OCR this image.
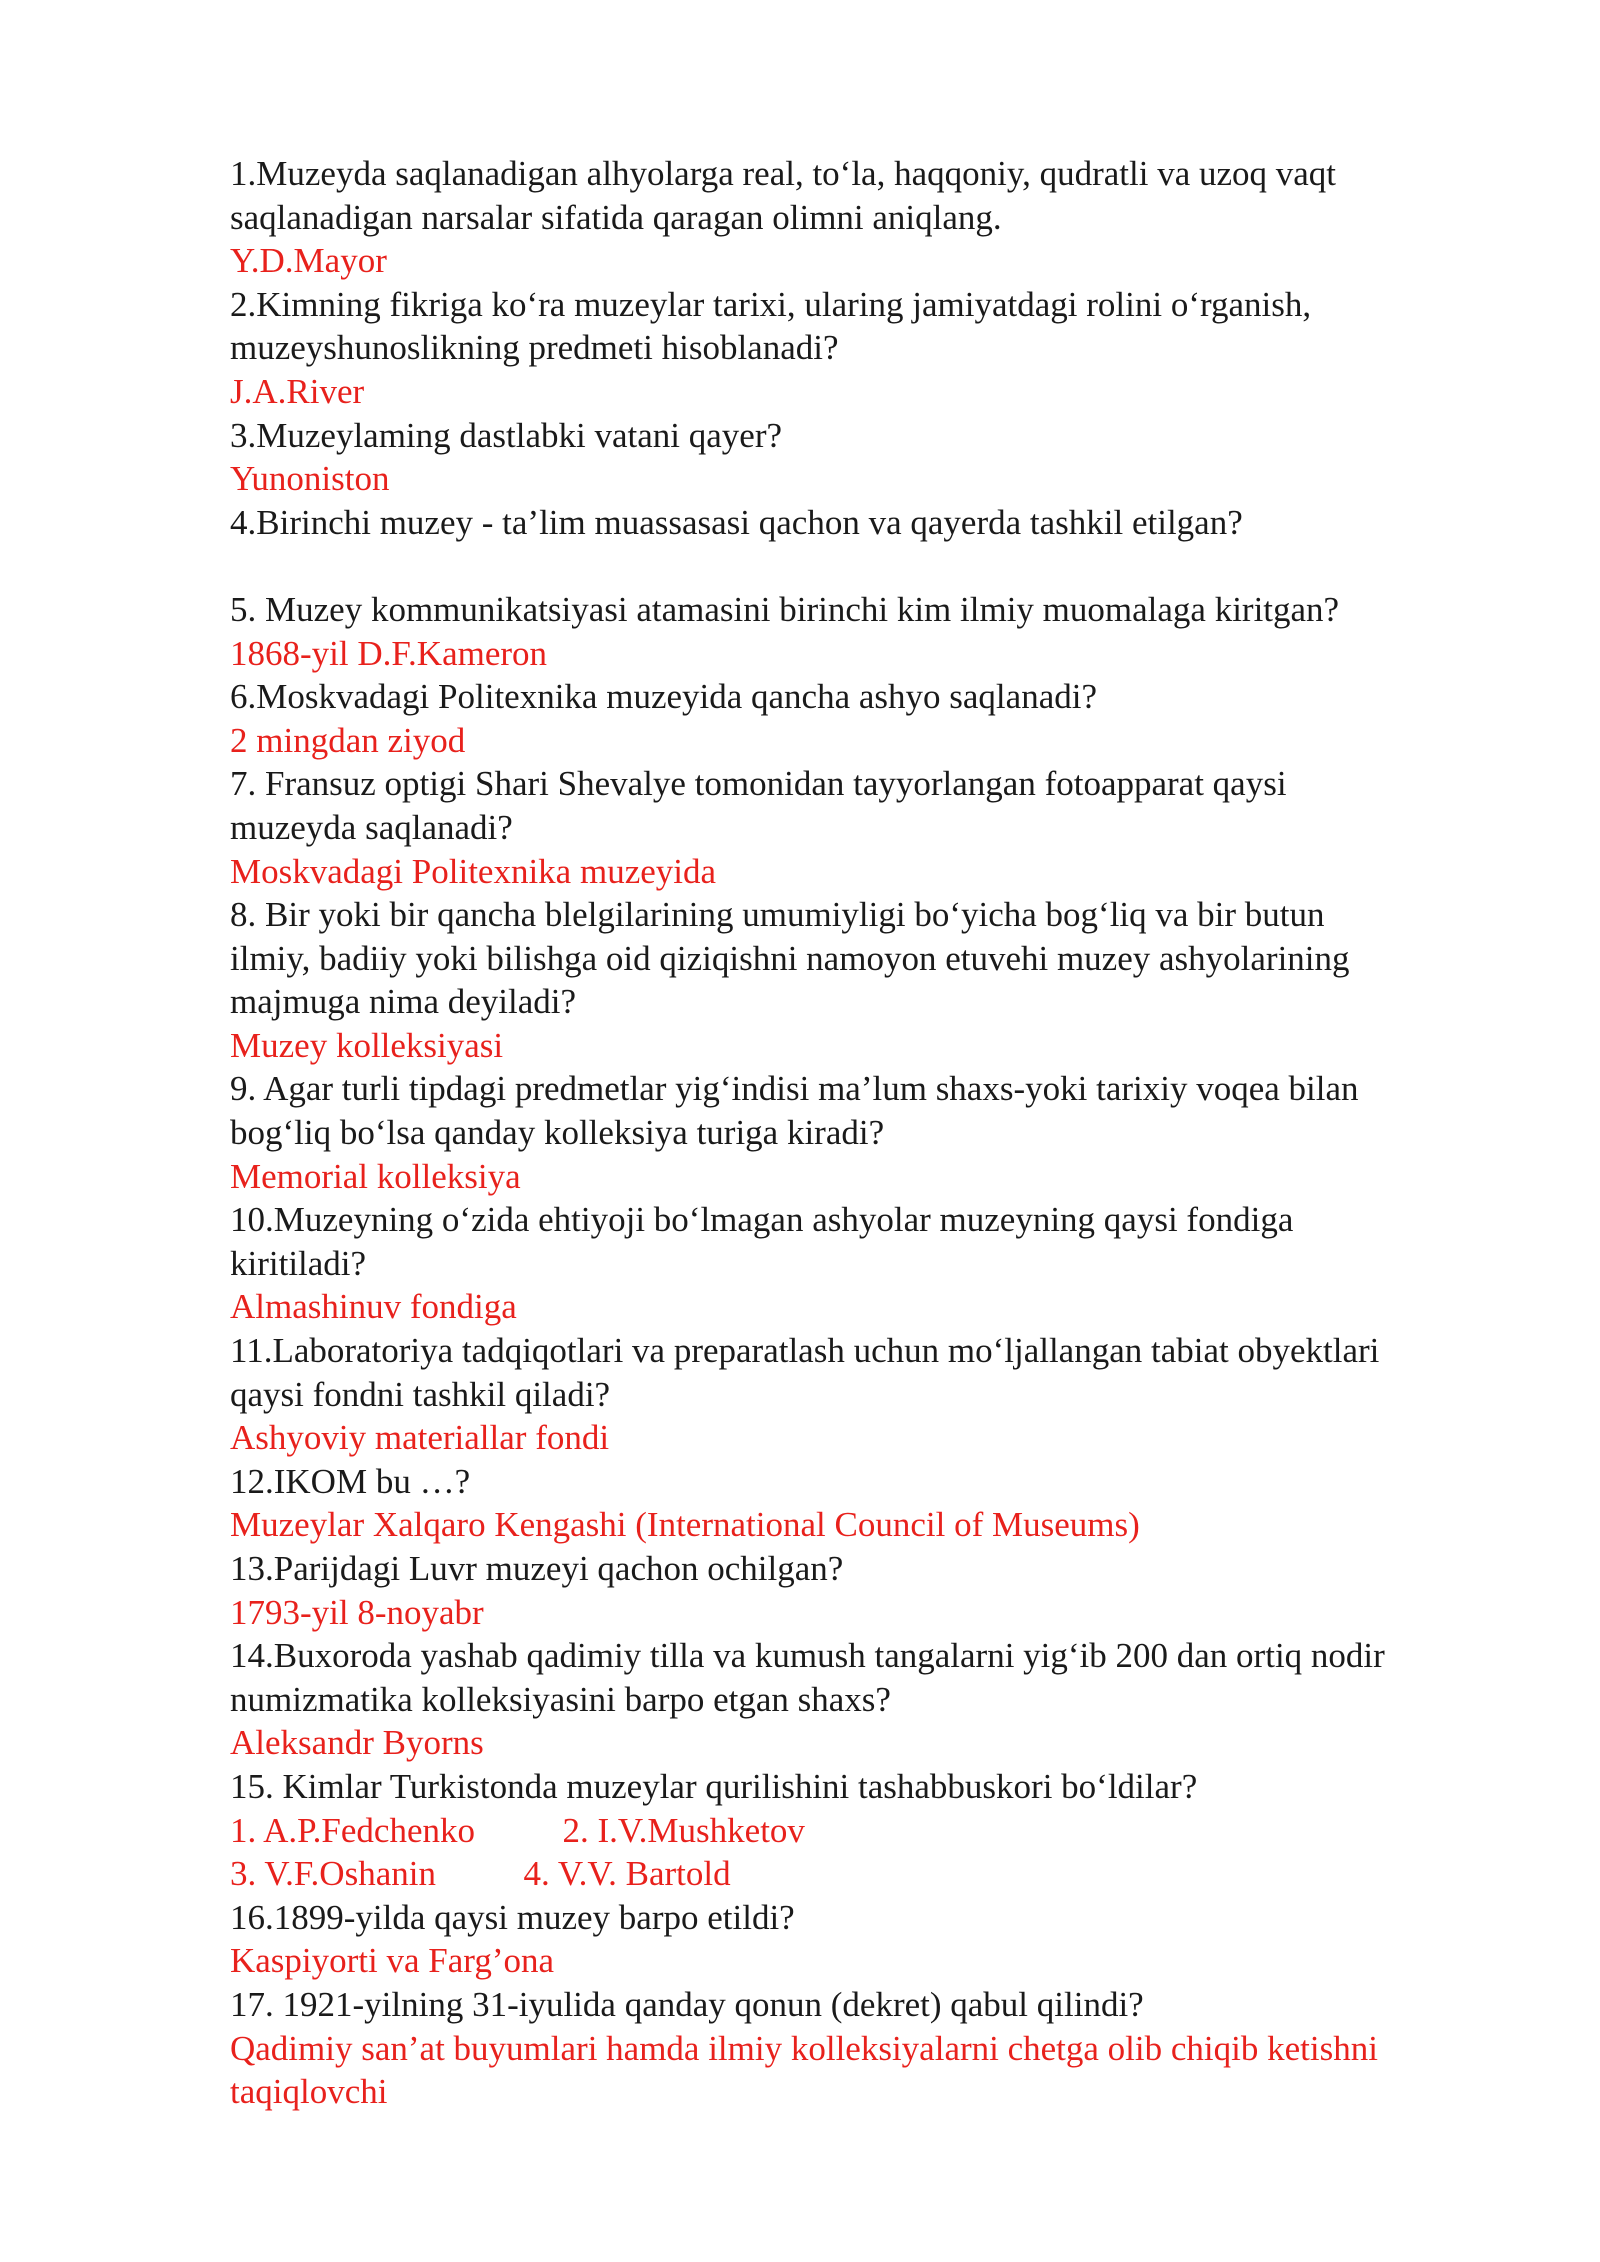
1.Muzeyda saqlanadigan alhyolarga real, to‘la, haqqoniy, qudratli va uzoq vaqt
saqlanadigan narsalar sifatida qaragan olimni aniqlang.
Y.D.Mayor
2.Kimning fikriga ko‘ra muzeylar tarixi, ularing jamiyatdagi rolini o‘rganish,
muzeyshunoslikning predmeti hisoblanadi?
J.A.River
3.Muzeylaming dastlabki vatani qayer?
Yunoniston
4.Birinchi muzey - ta’lim muassasasi qachon va qayerda tashkil etilgan?
5. Muzey kommunikatsiyasi atamasini birinchi kim ilmiy muomalaga kiritgan?
1868-yil D.F.Kameron
6.Moskvadagi Politexnika muzeyida qancha ashyo saqlanadi?
2 mingdan ziyod
7. Fransuz optigi Shari Shevalye tomonidan tayyorlangan fotoapparat qaysi
muzeyda saqlanadi?
Moskvadagi Politexnika muzeyida
8. Bir yoki bir qancha blelgilarining umumiyligi bo‘yicha bog‘liq va bir butun
ilmiy, badiiy yoki bilishga oid qiziqishni namoyon etuvehi muzey ashyolarining
majmuga nima deyiladi?
Muzey kolleksiyasi
9. Agar turli tipdagi predmetlar yig‘indisi ma’lum shaxs-yoki tarixiy voqea bilan
bog‘liq bo‘lsa qanday kolleksiya turiga kiradi?
Memorial kolleksiya
10.Muzeyning o‘zida ehtiyoji bo‘lmagan ashyolar muzeyning qaysi fondiga
kiritiladi?
Almashinuv fondiga
11.Laboratoriya tadqiqotlari va preparatlash uchun mo‘ljallangan tabiat obyektlari
qaysi fondni tashkil qiladi?
Ashyoviy materiallar fondi
12.IKOM bu …?
Muzeylar Xalqaro Kengashi (International Council of Museums)
13.Parijdagi Luvr muzeyi qachon ochilgan?
1793-yil 8-noyabr
14.Buxoroda yashab qadimiy tilla va kumush tangalarni yig‘ib 200 dan ortiq nodir
numizmatika kolleksiyasini barpo etgan shaxs?
Aleksandr Byorns
15. Kimlar Turkistonda muzeylar qurilishini tashabbuskori bo‘ldilar?
1. A.P.Fedchenko          2. I.V.Mushketov
3. V.F.Oshanin          4. V.V. Bartold
16.1899-yilda qaysi muzey barpo etildi?
Kaspiyorti va Farg’ona
17. 1921-yilning 31-iyulida qanday qonun (dekret) qabul qilindi?
Qadimiy san’at buyumlari hamda ilmiy kolleksiyalarni chetga olib chiqib ketishni
taqiqlovchi
